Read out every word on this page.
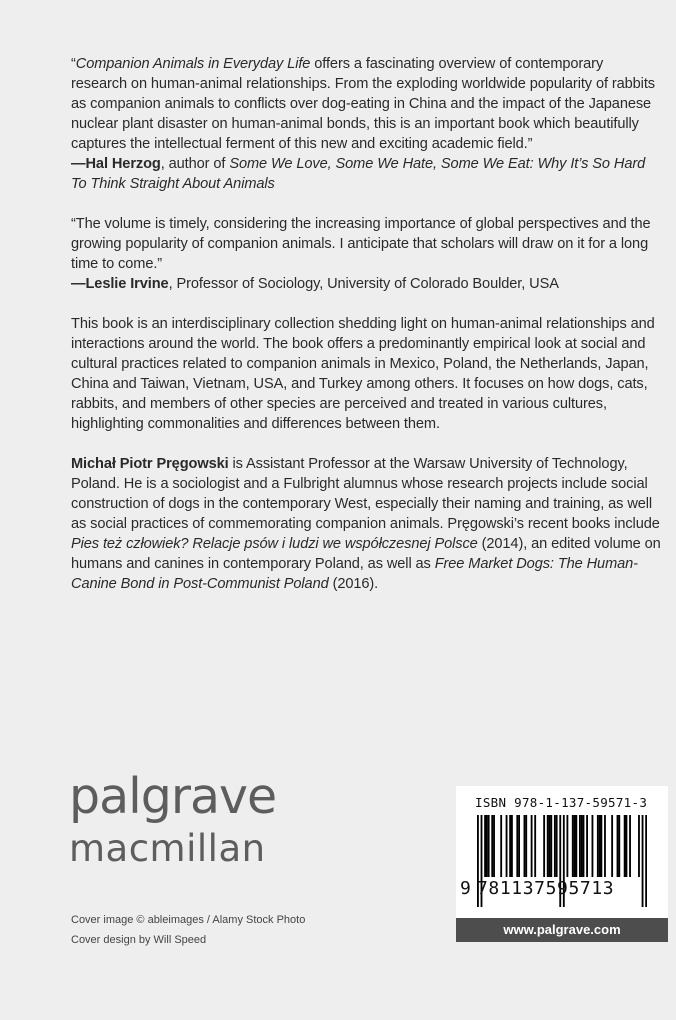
“Companion Animals in Everyday Life offers a fascinating overview of contemporary research on human-animal relationships. From the exploding worldwide popularity of rabbits as companion animals to conflicts over dog-eating in China and the impact of the Japanese nuclear plant disaster on human-animal bonds, this is an important book which beautifully captures the intellectual ferment of this new and exciting academic field.”

—Hal Herzog, author of Some We Love, Some We Hate, Some We Eat: Why It’s So Hard To Think Straight About Animals

“The volume is timely, considering the increasing importance of global perspectives and the growing popularity of companion animals. I anticipate that scholars will draw on it for a long time to come.”

—Leslie Irvine, Professor of Sociology, University of Colorado Boulder, USA

This book is an interdisciplinary collection shedding light on human-animal relationships and interactions around the world. The book offers a predominantly empirical look at social and cultural practices related to companion animals in Mexico, Poland, the Netherlands, Japan, China and Taiwan, Vietnam, USA, and Turkey among others. It focuses on how dogs, cats, rabbits, and members of other species are perceived and treated in various cultures, highlighting commonalities and differences between them.

Michał Piotr Pręgowski is Assistant Professor at the Warsaw University of Technology, Poland. He is a sociologist and a Fulbright alumnus whose research projects include social construction of dogs in the contemporary West, especially their naming and training, as well as social practices of commemorating companion animals. Pręgowski’s recent books include Pies też człowiek? Relacje psów i ludzi we współczesnej Polsce (2014), an edited volume on humans and canines in contemporary Poland, as well as Free Market Dogs: The Human-Canine Bond in Post-Communist Poland (2016).

palgrave
macmillan
Cover image © ableimages / Alamy Stock Photo
Cover design by Will Speed
ISBN 978-1-137-59571-3
9 781137595713
www.palgrave.com
